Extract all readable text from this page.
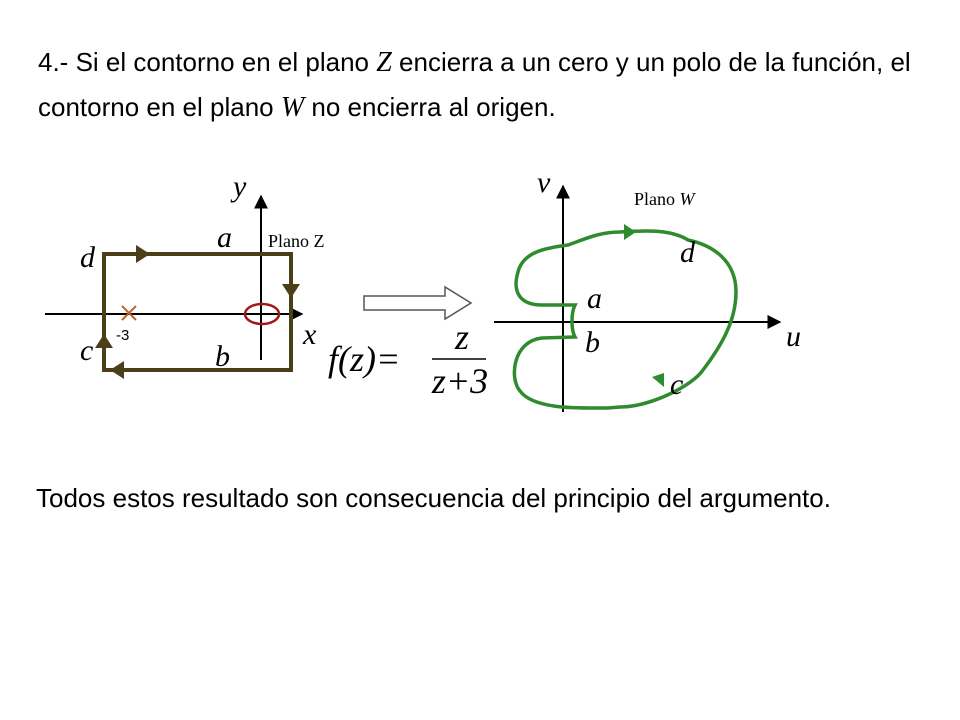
4.- Si el contorno en el plano Z encierra a un cero y un polo de la función, el contorno en el plano W no encierra al origen.
-3
y
x
Plano Z
a
d
c	b	f(z)=
z
z+3
v
u
Plano W
d
a
b
c
Todos estos resultado son consecuencia del principio del argumento.
